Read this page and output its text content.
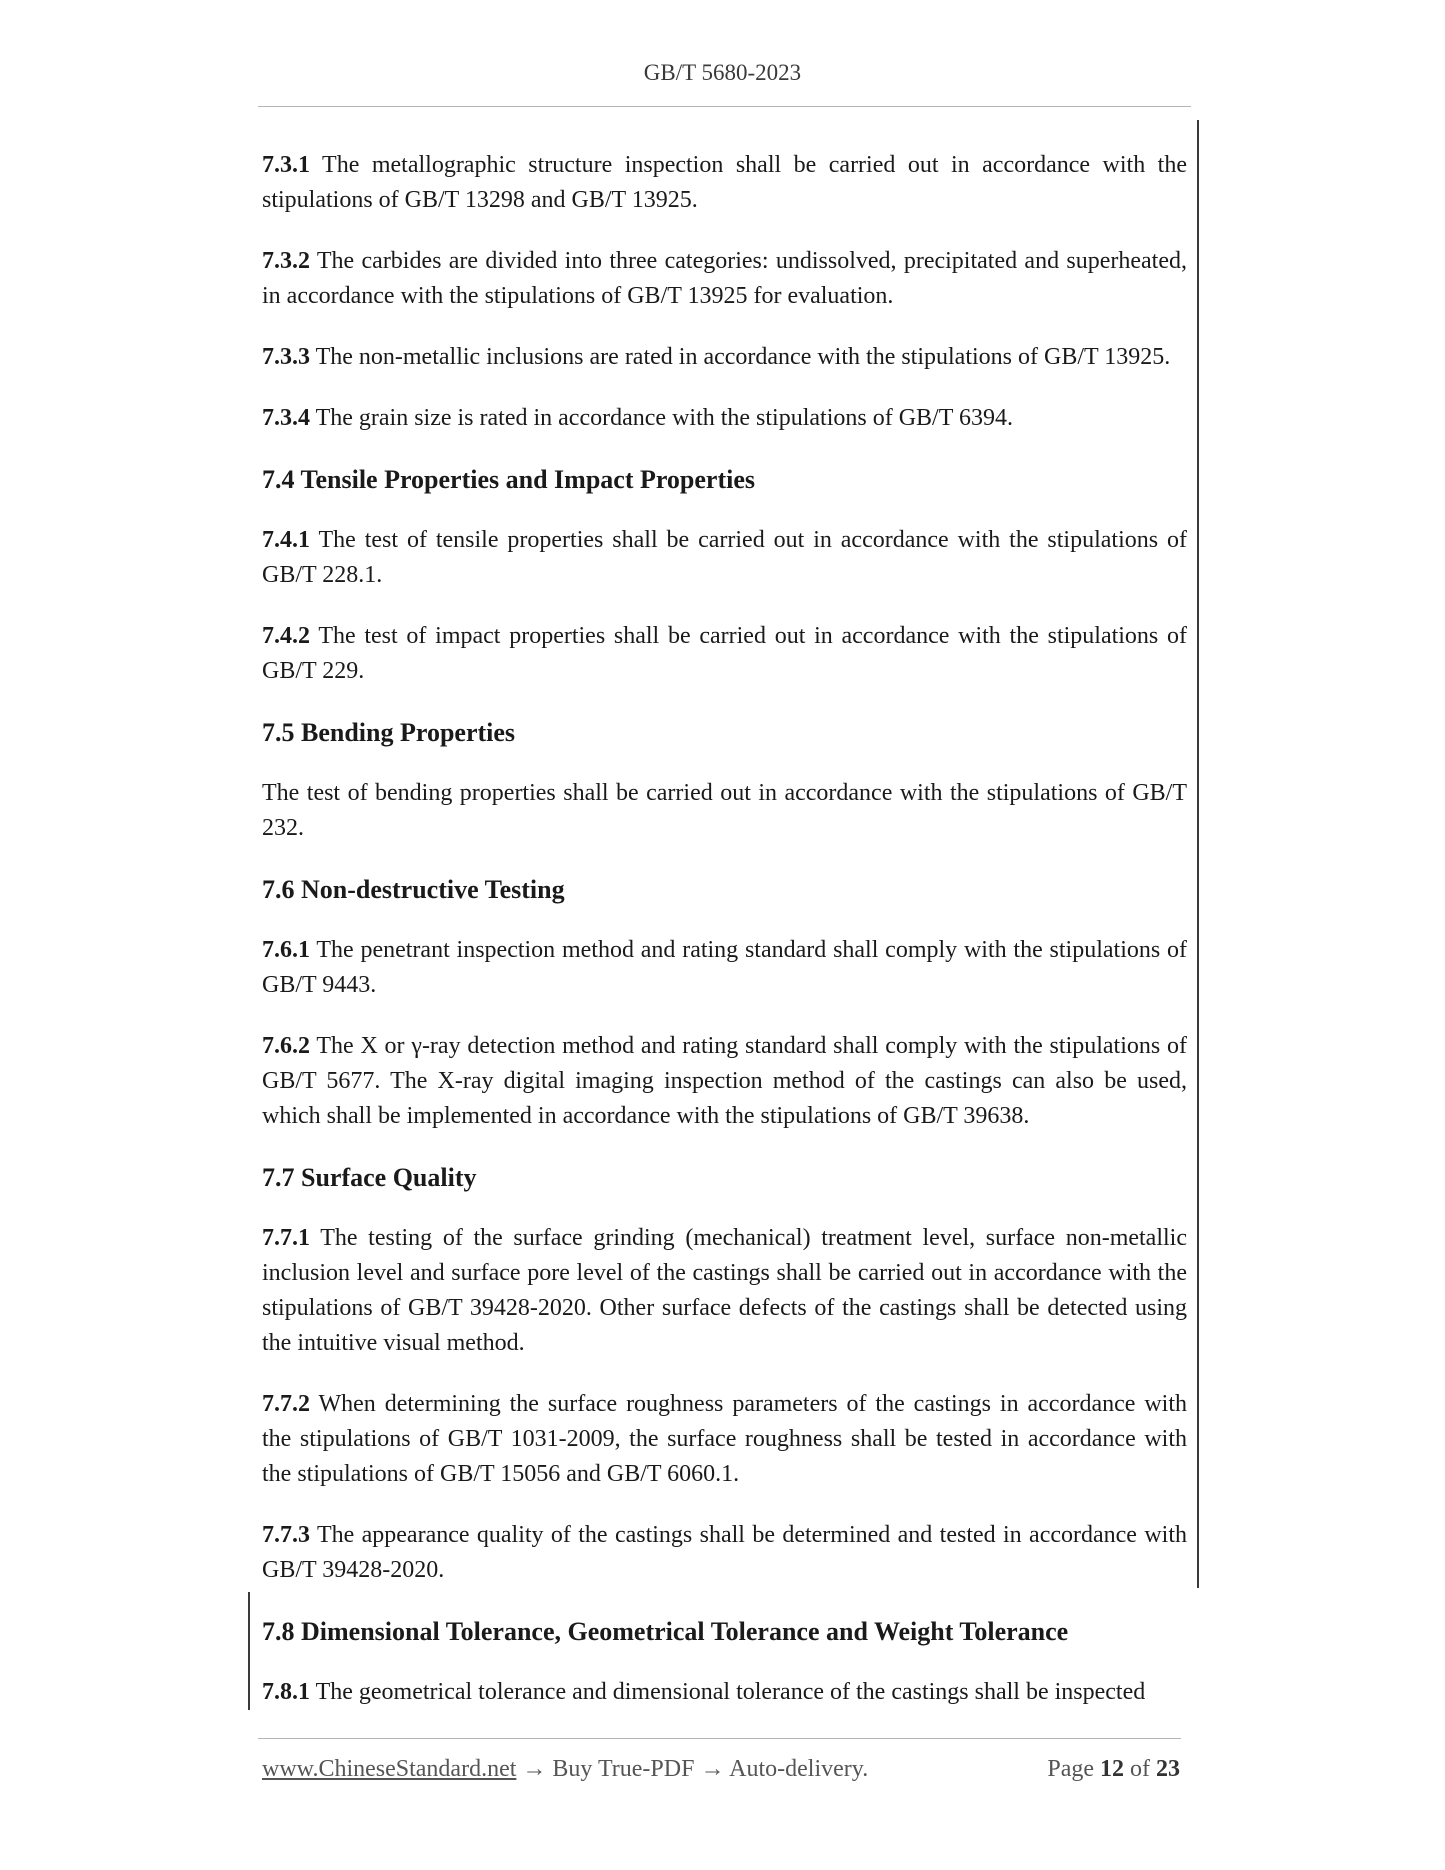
GB/T 5680-2023

7.3.1 The metallographic structure inspection shall be carried out in accordance with the stipulations of GB/T 13298 and GB/T 13925.

7.3.2 The carbides are divided into three categories: undissolved, precipitated and superheated, in accordance with the stipulations of GB/T 13925 for evaluation.

7.3.3 The non-metallic inclusions are rated in accordance with the stipulations of GB/T 13925.

7.3.4 The grain size is rated in accordance with the stipulations of GB/T 6394.

7.4 Tensile Properties and Impact Properties

7.4.1 The test of tensile properties shall be carried out in accordance with the stipulations of GB/T 228.1.

7.4.2 The test of impact properties shall be carried out in accordance with the stipulations of GB/T 229.

7.5 Bending Properties

The test of bending properties shall be carried out in accordance with the stipulations of GB/T 232.

7.6 Non-destructive Testing

7.6.1 The penetrant inspection method and rating standard shall comply with the stipulations of GB/T 9443.

7.6.2 The X or γ-ray detection method and rating standard shall comply with the stipulations of GB/T 5677. The X-ray digital imaging inspection method of the castings can also be used, which shall be implemented in accordance with the stipulations of GB/T 39638.

7.7 Surface Quality

7.7.1 The testing of the surface grinding (mechanical) treatment level, surface non-metallic inclusion level and surface pore level of the castings shall be carried out in accordance with the stipulations of GB/T 39428-2020. Other surface defects of the castings shall be detected using the intuitive visual method.

7.7.2 When determining the surface roughness parameters of the castings in accordance with the stipulations of GB/T 1031-2009, the surface roughness shall be tested in accordance with the stipulations of GB/T 15056 and GB/T 6060.1.

7.7.3 The appearance quality of the castings shall be determined and tested in accordance with GB/T 39428-2020.

7.8 Dimensional Tolerance, Geometrical Tolerance and Weight Tolerance

7.8.1 The geometrical tolerance and dimensional tolerance of the castings shall be inspected

www.ChineseStandard.net → Buy True-PDF → Auto-delivery.	Page 12 of 23
